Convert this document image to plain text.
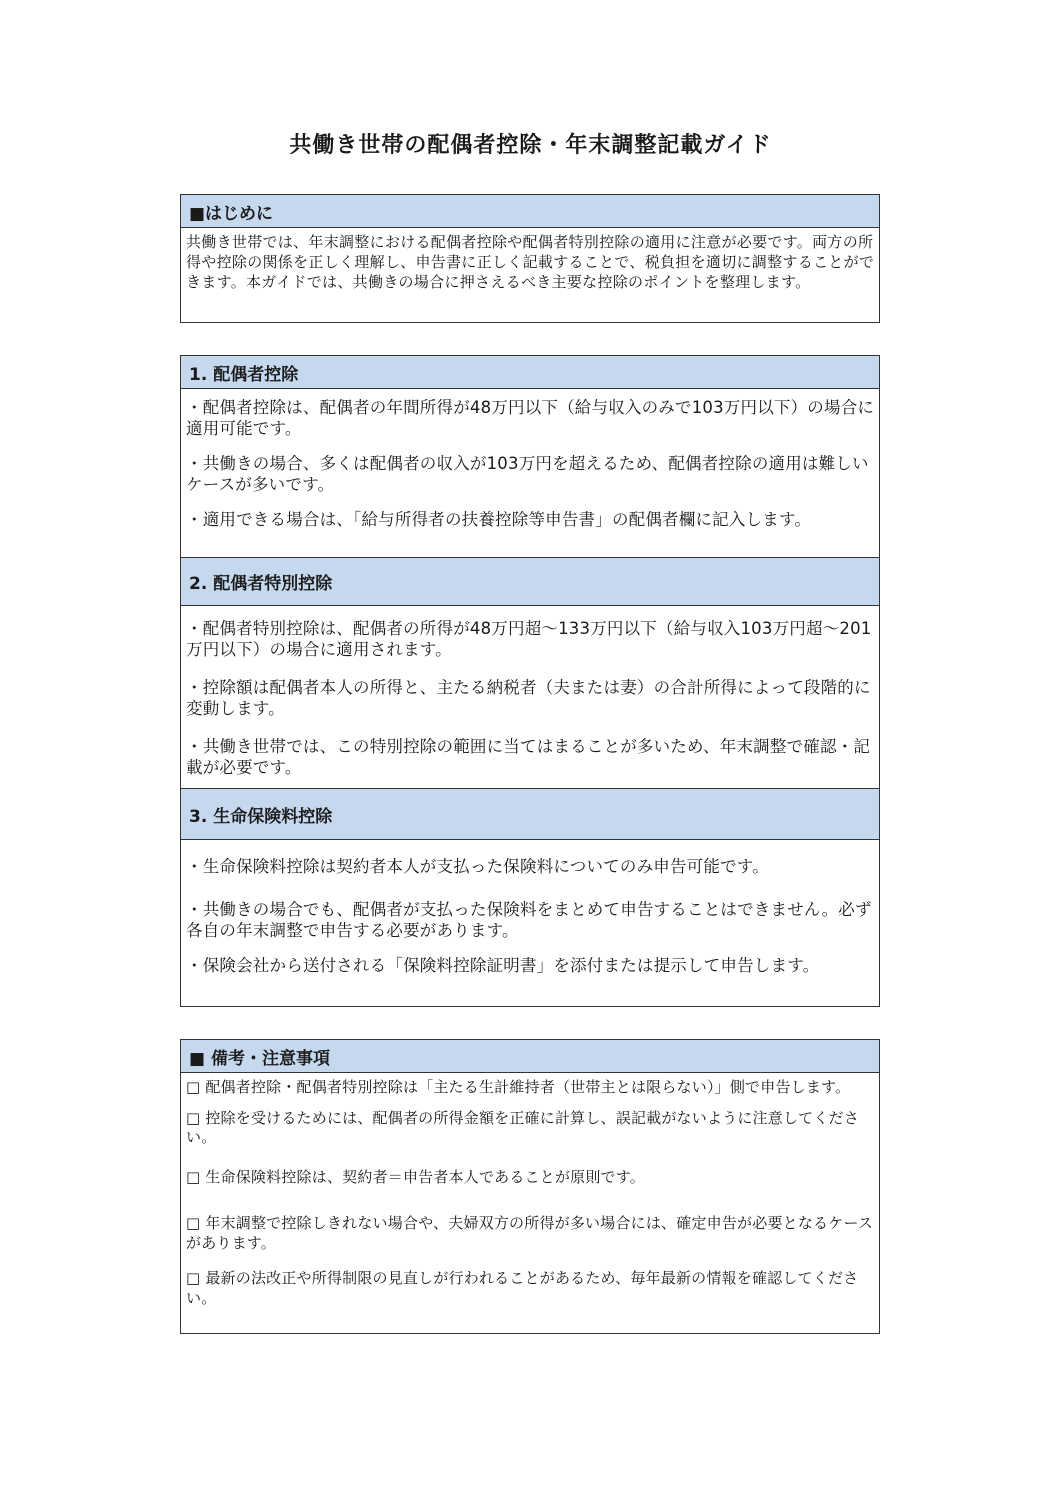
共働き世帯の配偶者控除・年末調整記載ガイド
■はじめに
共働き世帯では、年末調整における配偶者控除や配偶者特別控除の適用に注意が必要です。両方の所得や控除の関係を正しく理解し、申告書に正しく記載することで、税負担を適切に調整することができます。本ガイドでは、共働きの場合に押さえるべき主要な控除のポイントを整理します。
1. 配偶者控除
・配偶者控除は、配偶者の年間所得が48万円以下（給与収入のみで103万円以下）の場合に適用可能です。
・共働きの場合、多くは配偶者の収入が103万円を超えるため、配偶者控除の適用は難しいケースが多いです。
・適用できる場合は、「給与所得者の扶養控除等申告書」の配偶者欄に記入します。
2. 配偶者特別控除
・配偶者特別控除は、配偶者の所得が48万円超～133万円以下（給与収入103万円超～201万円以下）の場合に適用されます。
・控除額は配偶者本人の所得と、主たる納税者（夫または妻）の合計所得によって段階的に変動します。
・共働き世帯では、この特別控除の範囲に当てはまることが多いため、年末調整で確認・記載が必要です。
3. 生命保険料控除
・生命保険料控除は契約者本人が支払った保険料についてのみ申告可能です。
・共働きの場合でも、配偶者が支払った保険料をまとめて申告することはできません。必ず各自の年末調整で申告する必要があります。
・保険会社から送付される「保険料控除証明書」を添付または提示して申告します。
■ 備考・注意事項
□ 配偶者控除・配偶者特別控除は「主たる生計維持者（世帯主とは限らない）」側で申告します。
□ 控除を受けるためには、配偶者の所得金額を正確に計算し、誤記載がないように注意してください。
□ 生命保険料控除は、契約者＝申告者本人であることが原則です。
□ 年末調整で控除しきれない場合や、夫婦双方の所得が多い場合には、確定申告が必要となるケースがあります。
□ 最新の法改正や所得制限の見直しが行われることがあるため、毎年最新の情報を確認してください。
